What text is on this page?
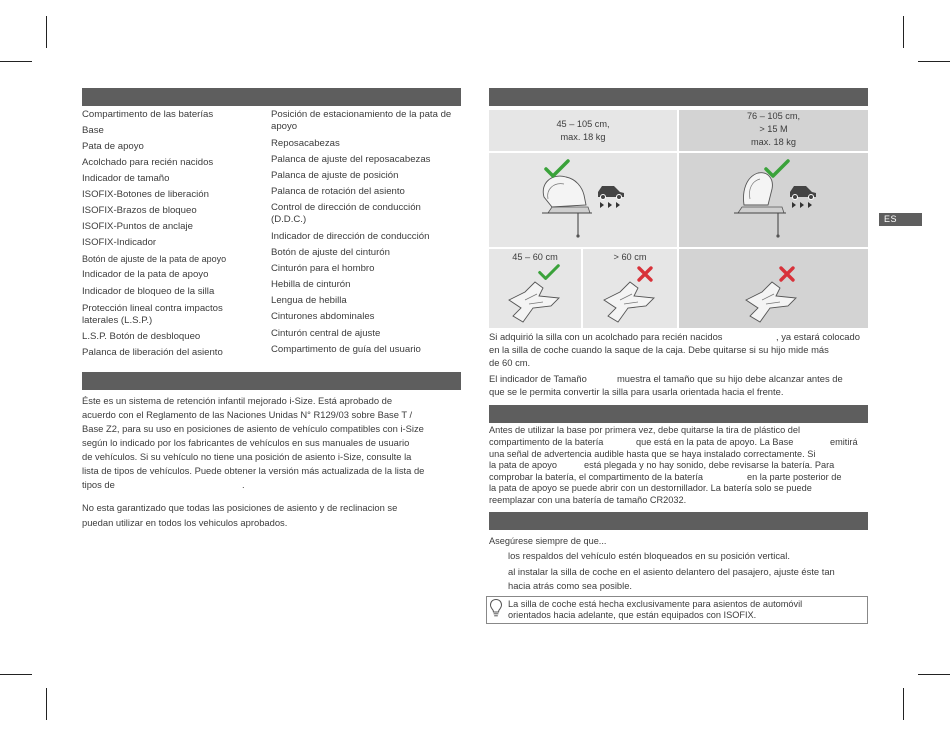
Compartimento de las baterías
Base
Pata de apoyo
Acolchado para recién nacidos
Indicador de tamaño
ISOFIX-Botones de liberación
ISOFIX-Brazos de bloqueo
ISOFIX-Puntos de anclaje
ISOFIX-Indicador
Botón de ajuste de la pata de apoyo
Indicador de la pata de apoyo
Indicador de bloqueo de la silla
Protección lineal contra impactos laterales (L.S.P.)
L.S.P. Botón de desbloqueo
Palanca de liberación del asiento
Posición de estacionamiento de la pata de apoyo
Reposacabezas
Palanca de ajuste del reposacabezas
Palanca de ajuste de posición
Palanca de rotación del asiento
Control de dirección de conducción (D.D.C.)
Indicador de dirección de conducción
Botón de ajuste del cinturón
Cinturón para el hombro
Hebilla de cinturón
Lengua de hebilla
Cinturones abdominales
Cinturón central de ajuste
Compartimento de guía del usuario
Éste es un sistema de retención infantil mejorado i-Size. Está aprobado de
acuerdo con el Reglamento de las Naciones Unidas N° R129/03 sobre Base T /
Base Z2, para su uso en posiciones de asiento de vehículo compatibles con i-Size
según lo indicado por los fabricantes de vehículos en sus manuales de usuario
de vehículos. Si su vehículo no tiene una posición de asiento i-Size, consulte la
lista de tipos de vehículos. Puede obtener la versión más actualizada de la lista de
tipos de	.
No esta garantizado que todas las posiciones de asiento y de reclinacion se
puedan utilizar en todos los vehiculos aprobados.
45 – 105 cm,
max. 18 kg
76 – 105 cm,
> 15 M
max. 18 kg
45 – 60 cm	> 60 cm
ES
Si adquirió la silla con un acolchado para recién nacidos	, ya estará colocado
en la silla de coche cuando la saque de la caja. Debe quitarse si su hijo mide más
de 60 cm.
El indicador de Tamaño	muestra el tamaño que su hijo debe alcanzar antes de
que se le permita convertir la silla para usarla orientada hacia el frente.
Antes de utilizar la base por primera vez, debe quitarse la tira de plástico del
compartimento de la batería	que está en la pata de apoyo. La Base	emitirá
una señal de advertencia audible hasta que se haya instalado correctamente. Si
la pata de apoyo	está plegada y no hay sonido, debe revisarse la batería. Para
comprobar la batería, el compartimento de la batería	en la parte posterior de
la pata de apoyo se puede abrir con un destornillador. La batería solo se puede
reemplazar con una batería de tamaño CR2032.
Asegúrese siempre de que...
los respaldos del vehículo estén bloqueados en su posición vertical.
al instalar la silla de coche en el asiento delantero del pasajero, ajuste éste tan
hacia atrás como sea posible.
La silla de coche está hecha exclusivamente para asientos de automóvil
orientados hacia adelante, que están equipados con ISOFIX.
